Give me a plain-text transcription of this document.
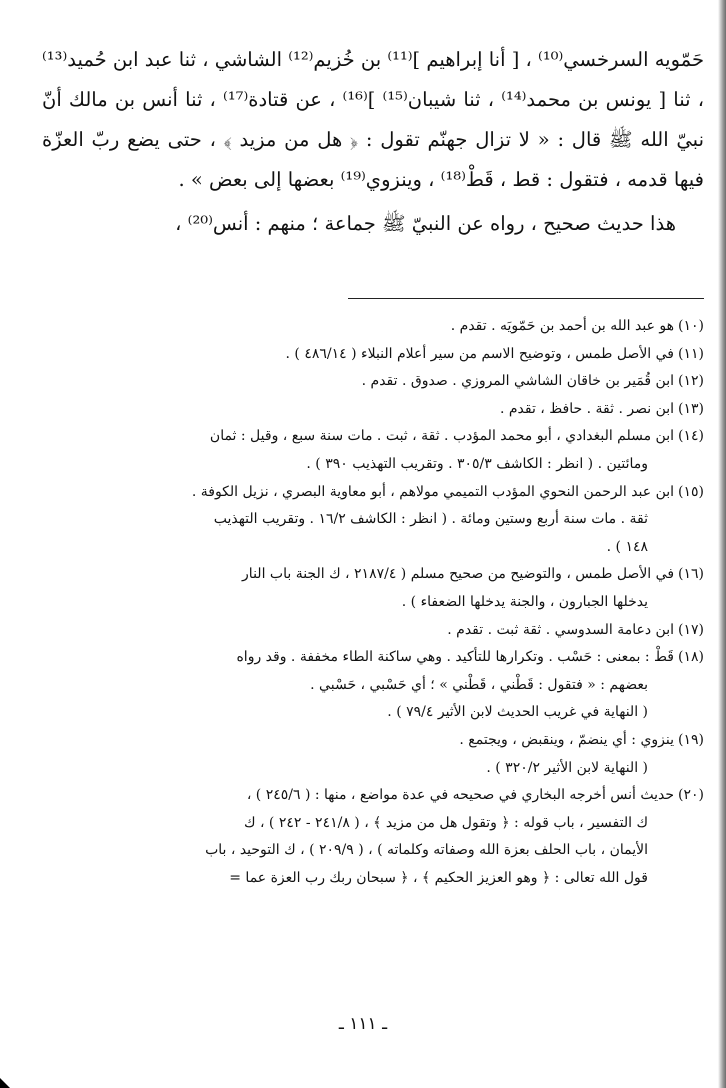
حَمّويه السرخسي⁽¹⁰⁾ ، [ أنا إبراهيم ]⁽¹¹⁾ بن خُزيم⁽¹²⁾ الشاشي ، ثنا عبد ابن حُميد⁽¹³⁾ ، ثنا [ يونس بن محمد⁽¹⁴⁾ ، ثنا شيبان⁽¹⁵⁾ ]⁽¹⁶⁾ ، عن قتادة⁽¹⁷⁾ ، ثنا أنس بن مالك أنّ نبيّ الله ﷺ قال : « لا تزال جهنّم تقول : ﴿ هل من مزيد ﴾ ، حتى يضع ربّ العزّة فيها قدمه ، فتقول : قط ، قَطْ⁽¹⁸⁾ ، وينزوي⁽¹⁹⁾ بعضها إلى بعض » .

هذا حديث صحيح ، رواه عن النبيّ ﷺ جماعة ؛ منهم : أنس⁽²⁰⁾ ،

(١٠)هو عبد الله بن أحمد بن حَمّويَه . تقدم .

(١١)في الأصل طمس ، وتوضيح الاسم من سير أعلام النبلاء ( ٤٨٦/١٤ ) .

(١٢)ابن قُمَير بن خاقان الشاشي المروزي . صدوق . تقدم .

(١٣)ابن نصر . ثقة . حافظ ، تقدم .

(١٤)ابن مسلم البغدادي ، أبو محمد المؤدب . ثقة ، ثبت . مات سنة سبع ، وقيل : ثمان
ومائتين . ( انظر : الكاشف ٣٠٥/٣ . وتقريب التهذيب ٣٩٠ ) .

(١٥)ابن عبد الرحمن النحوي المؤدب التميمي مولاهم ، أبو معاوية البصري ، نزيل الكوفة .
ثقة . مات سنة أربع وستين ومائة . ( انظر : الكاشف ١٦/٢ . وتقريب التهذيب
١٤٨ ) .

(١٦)في الأصل طمس ، والتوضيح من صحيح مسلم ( ٢١٨٧/٤ ، ك الجنة باب النار
يدخلها الجبارون ، والجنة يدخلها الضعفاء ) .

(١٧)ابن دعامة السدوسي . ثقة ثبت . تقدم .

(١٨)قَطْ : بمعنى : حَسْب . وتكرارها للتأكيد . وهي ساكنة الطاء مخففة . وقد رواه
بعضهم : « فتقول : قَطْني ، قَطْني » ؛ أي حَسْبي ، حَسْبي .
( النهاية في غريب الحديث لابن الأثير ٧٩/٤ ) .

(١٩)ينزوي : أي ينضمّ ، وينقبض ، ويجتمع .
( النهاية لابن الأثير ٣٢٠/٢ ) .

(٢٠)حديث أنس أخرجه البخاري في صحيحه في عدة مواضع ، منها : ( ٢٤٥/٦ ) ،
ك التفسير ، باب قوله : ﴿ وتقول هل من مزيد ﴾ ، ( ٢٤١/٨ - ٢٤٢ ) ، ك
الأيمان ، باب الحلف بعزة الله وصفاته وكلماته ) ، ( ٢٠٩/٩ ) ، ك التوحيد ، باب
قول الله تعالى : ﴿ وهو العزيز الحكيم ﴾ ، ﴿ سبحان ربك رب العزة عما =

ـ ١١١ ـ
